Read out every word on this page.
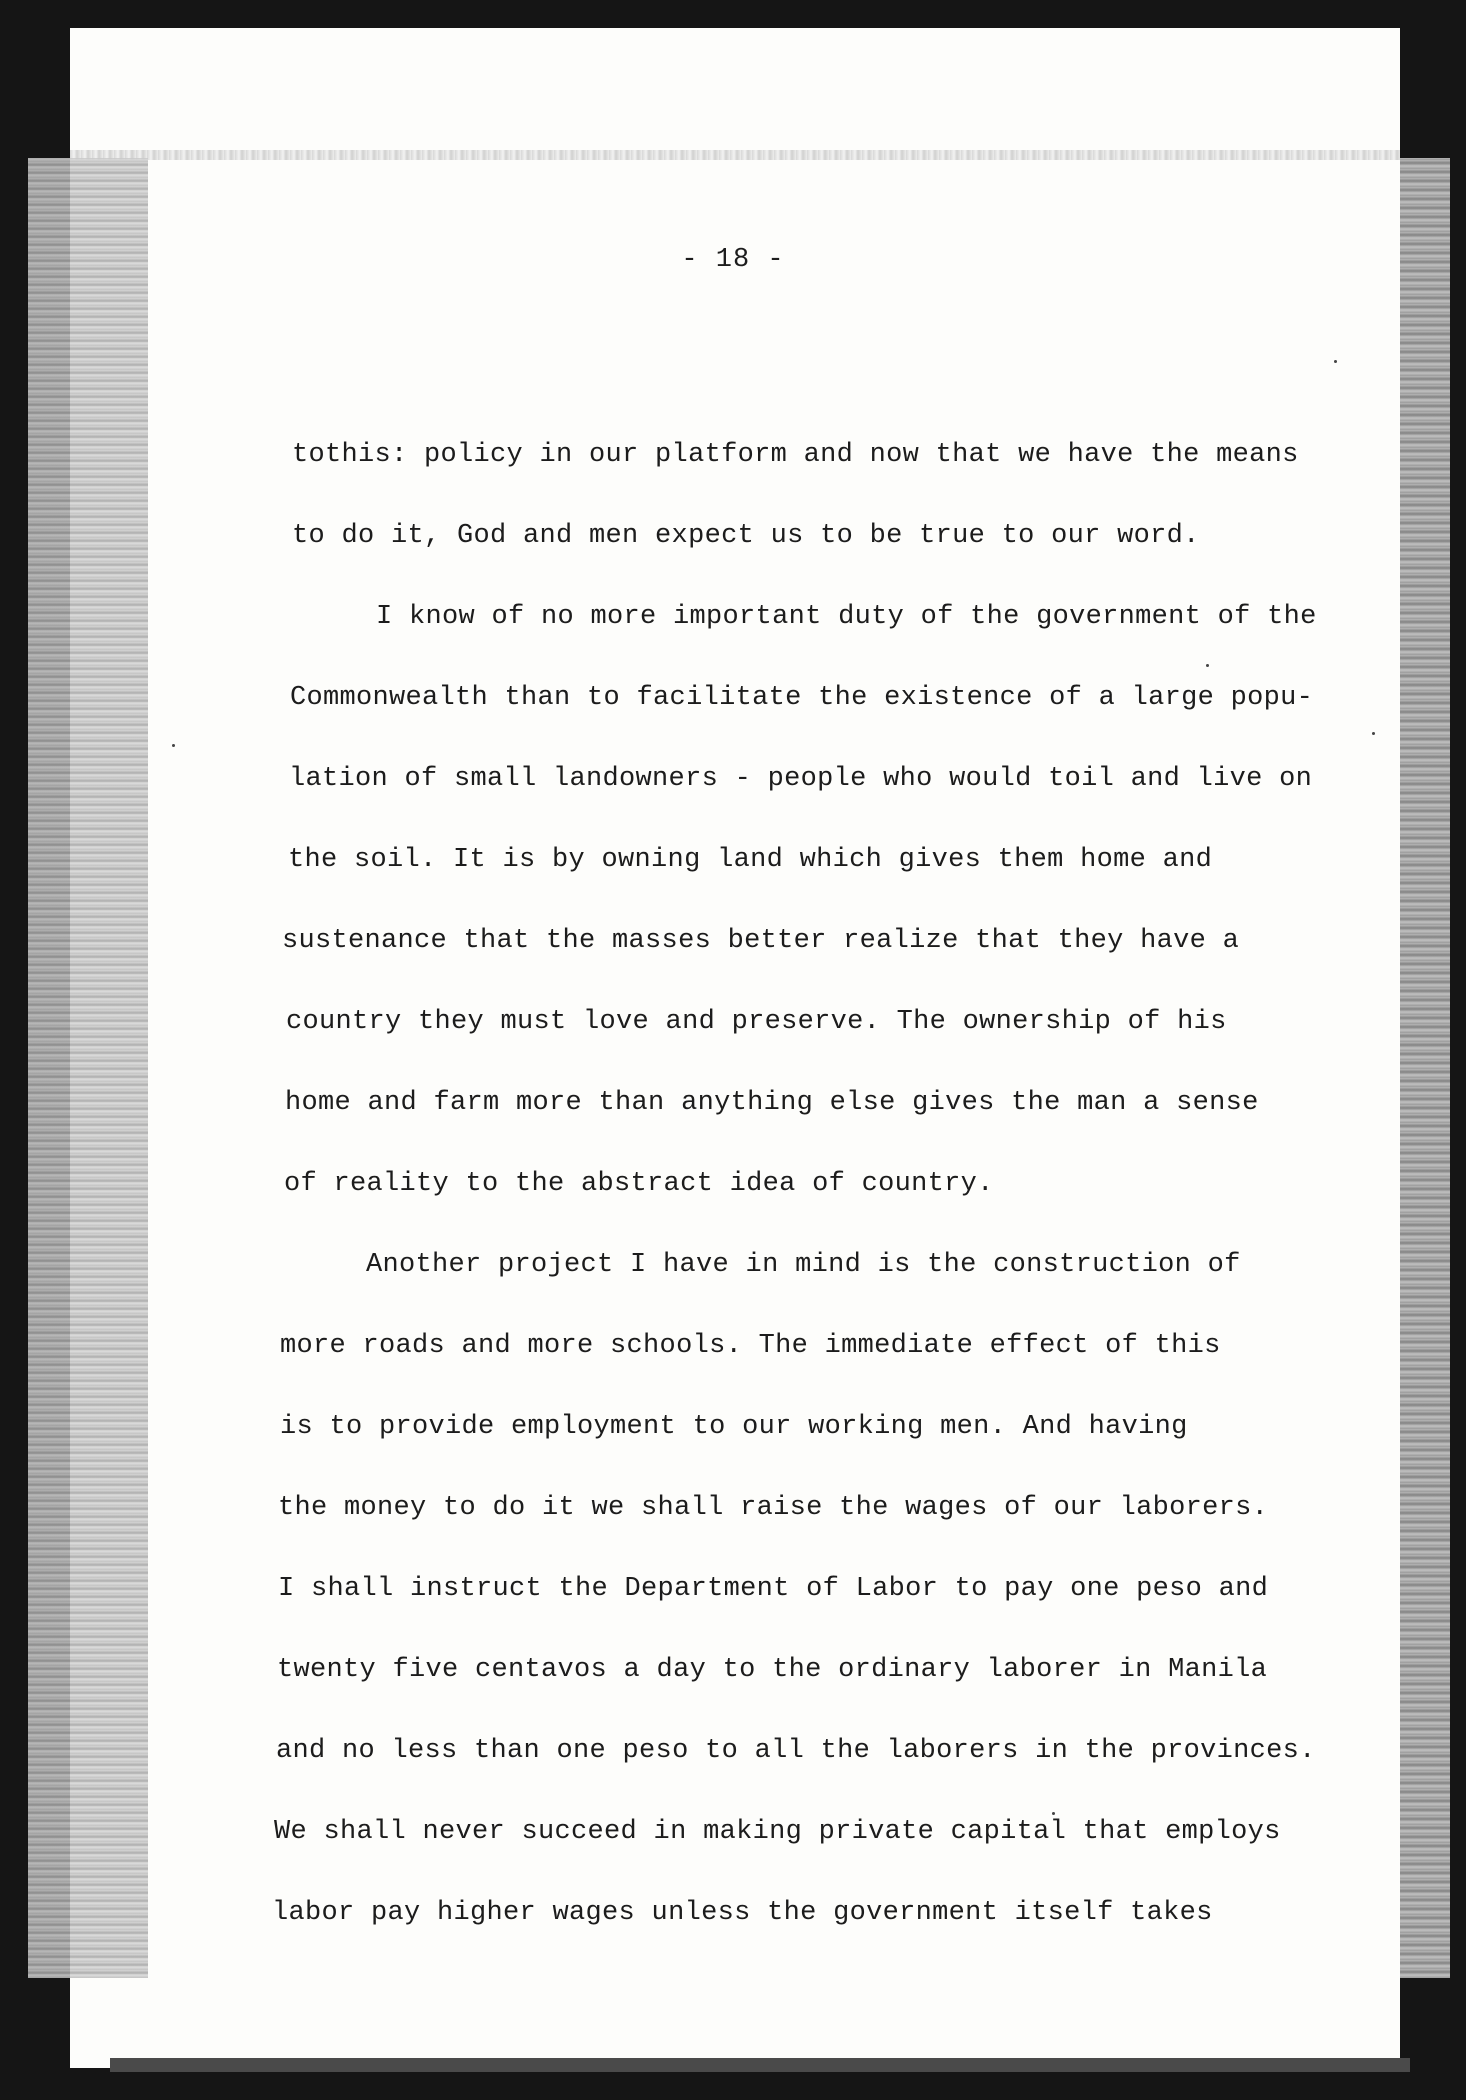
- 18 -
tothis: policy in our platform and now that we have the means
to do it, God and men expect us to be true to our word.
I know of no more important duty of the government of the
Commonwealth than to facilitate the existence of a large popu-
lation of small landowners - people who would toil and live on
the soil. It is by owning land which gives them home and
sustenance that the masses better realize that they have a
country they must love and preserve. The ownership of his
home and farm more than anything else gives the man a sense
of reality to the abstract idea of country.
Another project I have in mind is the construction of
more roads and more schools. The immediate effect of this
is to provide employment to our working men. And having
the money to do it we shall raise the wages of our laborers.
I shall instruct the Department of Labor to pay one peso and
twenty five centavos a day to the ordinary laborer in Manila
and no less than one peso to all the laborers in the provinces.
We shall never succeed in making private capital that employs
labor pay higher wages unless the government itself takes
